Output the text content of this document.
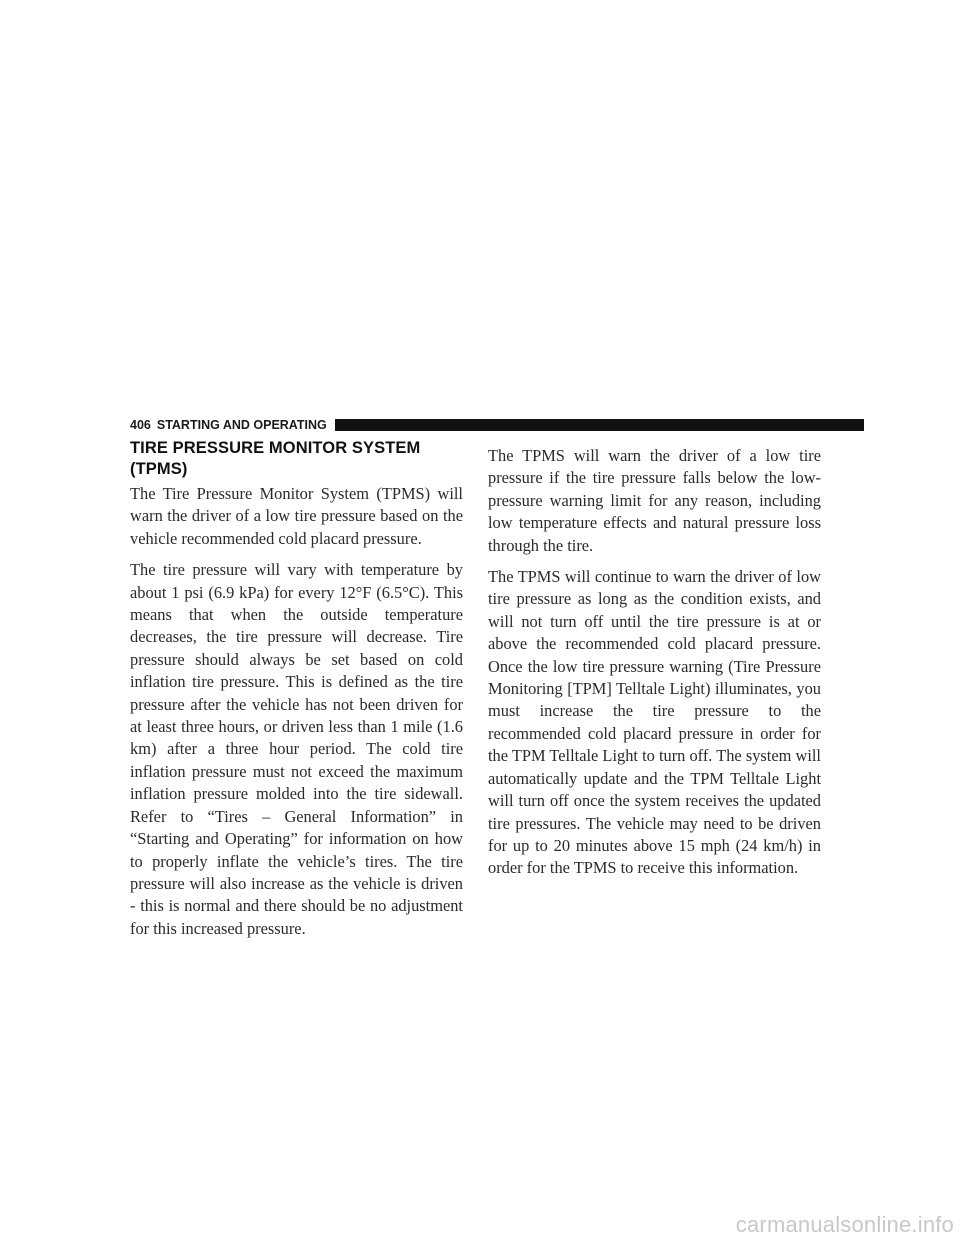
406 STARTING AND OPERATING
TIRE PRESSURE MONITOR SYSTEM (TPMS)

The Tire Pressure Monitor System (TPMS) will warn the driver of a low tire pressure based on the vehicle recommended cold placard pressure.

The tire pressure will vary with temperature by about 1 psi (6.9 kPa) for every 12°F (6.5°C). This means that when the outside temperature decreases, the tire pressure will decrease. Tire pressure should always be set based on cold inflation tire pressure. This is defined as the tire pressure after the vehicle has not been driven for at least three hours, or driven less than 1 mile (1.6 km) after a three hour period. The cold tire inflation pressure must not exceed the maximum inflation pressure molded into the tire sidewall. Refer to “Tires – General Information” in “Starting and Operating” for information on how to properly inflate the vehicle’s tires. The tire pressure will also increase as the vehicle is driven - this is normal and there should be no adjustment for this increased pressure.

The TPMS will warn the driver of a low tire pressure if the tire pressure falls below the low-pressure warning limit for any reason, including low temperature effects and natural pressure loss through the tire.

The TPMS will continue to warn the driver of low tire pressure as long as the condition exists, and will not turn off until the tire pressure is at or above the recommended cold placard pressure. Once the low tire pressure warning (Tire Pressure Monitoring [TPM] Telltale Light) illuminates, you must increase the tire pressure to the recommended cold placard pressure in order for the TPM Telltale Light to turn off. The system will automatically update and the TPM Telltale Light will turn off once the system receives the updated tire pressures. The vehicle may need to be driven for up to 20 minutes above 15 mph (24 km/h) in order for the TPMS to receive this information.

carmanualsonline.info
